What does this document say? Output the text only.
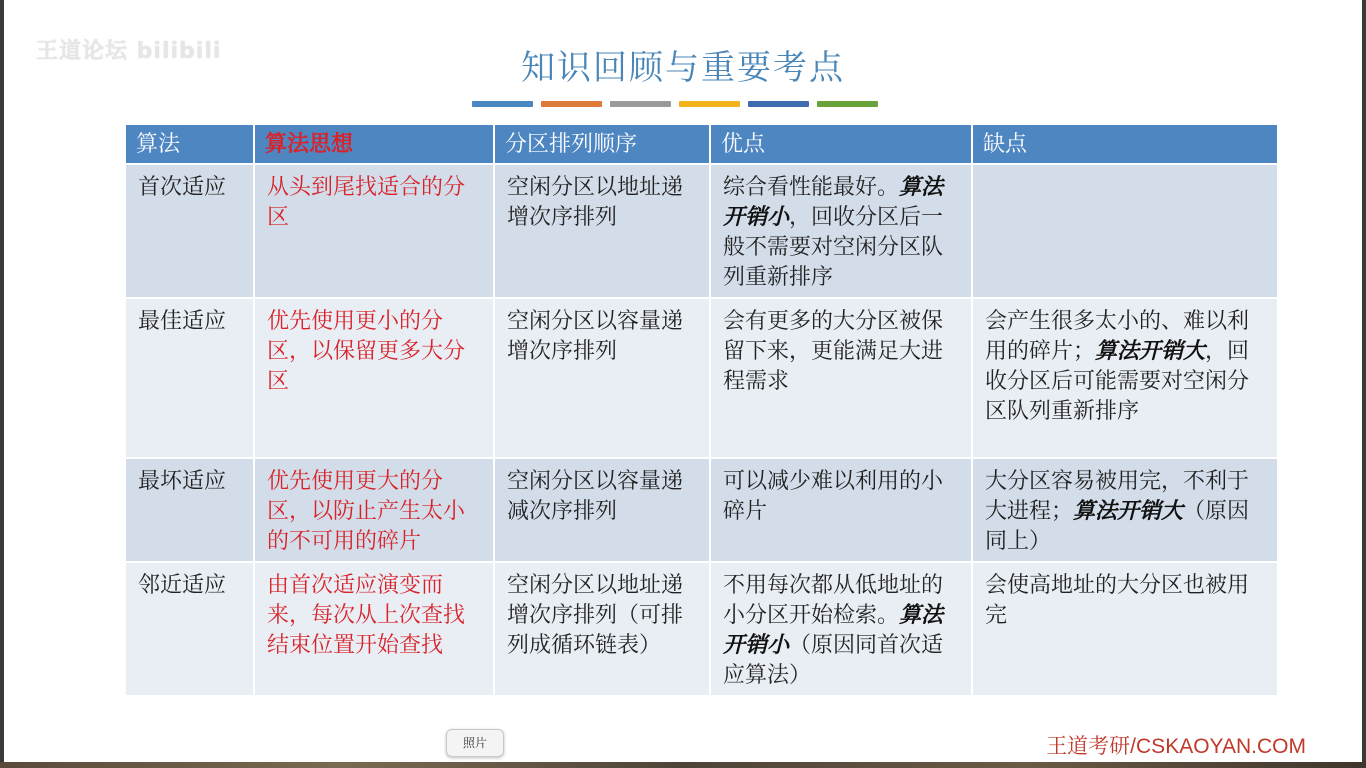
王道论坛 bilibili	知识回顾与重要考点
算法	算法思想	分区排列顺序	优点	缺点
首次适应	从头到尾找适合的分区	空闲分区以地址递增次序排列	综合看性能最好。算法开销小，回收分区后一般不需要对空闲分区队列重新排序	
最佳适应	优先使用更小的分区，以保留更多大分区	空闲分区以容量递增次序排列	会有更多的大分区被保留下来，更能满足大进程需求	会产生很多太小的、难以利用的碎片；算法开销大，回收分区后可能需要对空闲分区队列重新排序
最坏适应	优先使用更大的分区，以防止产生太小的不可用的碎片	空闲分区以容量递减次序排列	可以减少难以利用的小碎片	大分区容易被用完，不利于大进程；算法开销大（原因同上）
邻近适应	由首次适应演变而来，每次从上次查找结束位置开始查找	空闲分区以地址递增次序排列（可排列成循环链表）	不用每次都从低地址的小分区开始检索。算法开销小（原因同首次适应算法）	会使高地址的大分区也被用完
王道考研/CSKAOYAN.COM
照片
